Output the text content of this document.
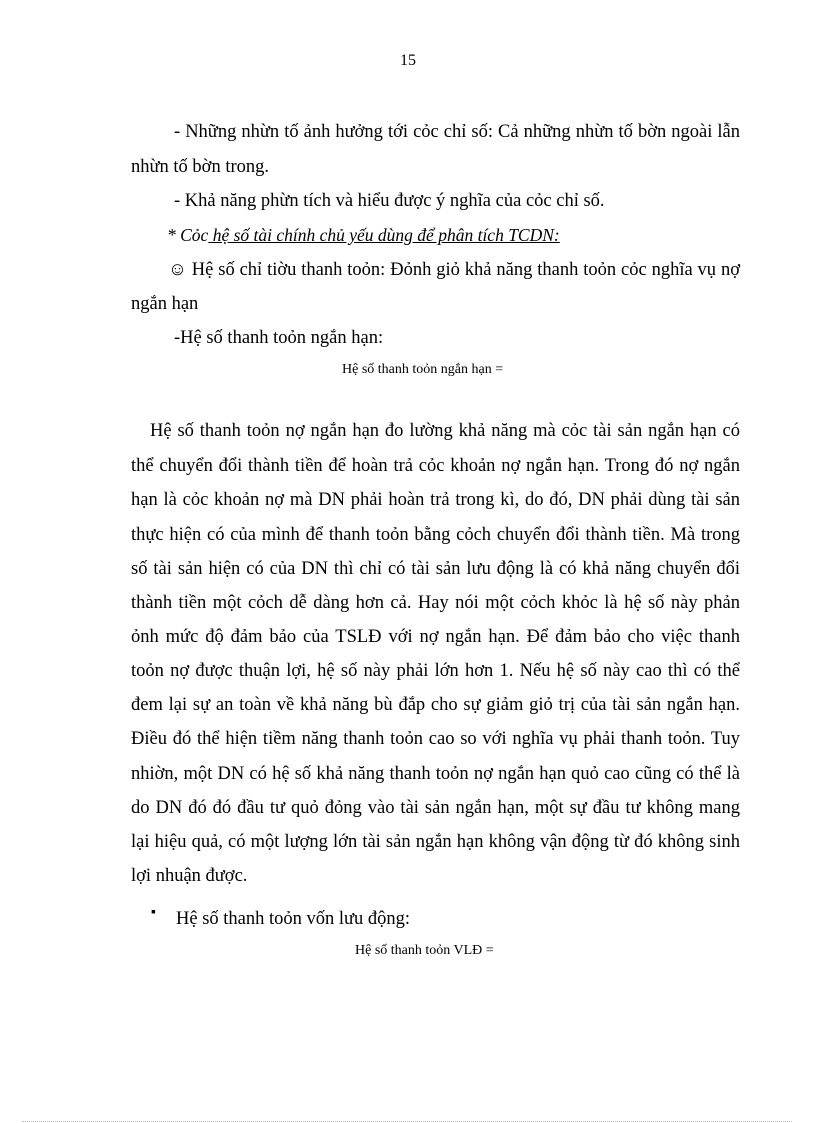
15
- Những nhừn tố ảnh hưởng tới cỏc chỉ số: Cả những nhừn tố bờn ngoài lẫn
nhừn tố bờn trong.
- Khả năng phừn tích và hiểu được ý nghĩa của cỏc chỉ số.
* Cỏc hệ số tài chính chủ yếu dùng để phân tích TCDN:
☺ Hệ số chỉ tiờu thanh toỏn: Đỏnh giỏ khả năng thanh toỏn cỏc nghĩa vụ nợ
ngắn hạn
-Hệ số thanh toỏn ngắn hạn:
Hệ số thanh toỏn ngắn hạn =
Hệ số thanh toỏn nợ ngắn hạn đo lường khả năng mà cỏc tài sản ngắn hạn có
thể chuyển đổi thành tiền để hoàn trả cỏc khoản nợ ngắn hạn. Trong đó nợ ngắn
hạn là cỏc khoản nợ mà DN phải hoàn trả trong kì, do đó, DN phải dùng tài sản
thực hiện có của mình để thanh toỏn bằng cỏch chuyển đổi thành tiền. Mà trong
số tài sản hiện có của DN thì chỉ có tài sản lưu động là có khả năng chuyển đổi
thành tiền một cỏch dễ dàng hơn cả. Hay nói một cỏch khỏc là hệ số này phản
ỏnh mức độ đảm bảo của TSLĐ với nợ ngắn hạn. Để đảm bảo cho việc thanh
toỏn nợ được thuận lợi, hệ số này phải lớn hơn 1. Nếu hệ số này cao thì có thể
đem lại sự an toàn về khả năng bù đắp cho sự giảm giỏ trị của tài sản ngắn hạn.
Điều đó thể hiện tiềm năng thanh toỏn cao so với nghĩa vụ phải thanh toỏn. Tuy
nhiờn, một DN có hệ số khả năng thanh toỏn nợ ngắn hạn quỏ cao cũng có thể là
do DN đó đó đầu tư quỏ đỏng vào tài sản ngắn hạn, một sự đầu tư không mang
lại hiệu quả, có một lượng lớn tài sản ngắn hạn không vận động từ đó không sinh
lợi nhuận được.
▪ Hệ số thanh toỏn vốn lưu động:
Hệ số thanh toỏn VLĐ =
